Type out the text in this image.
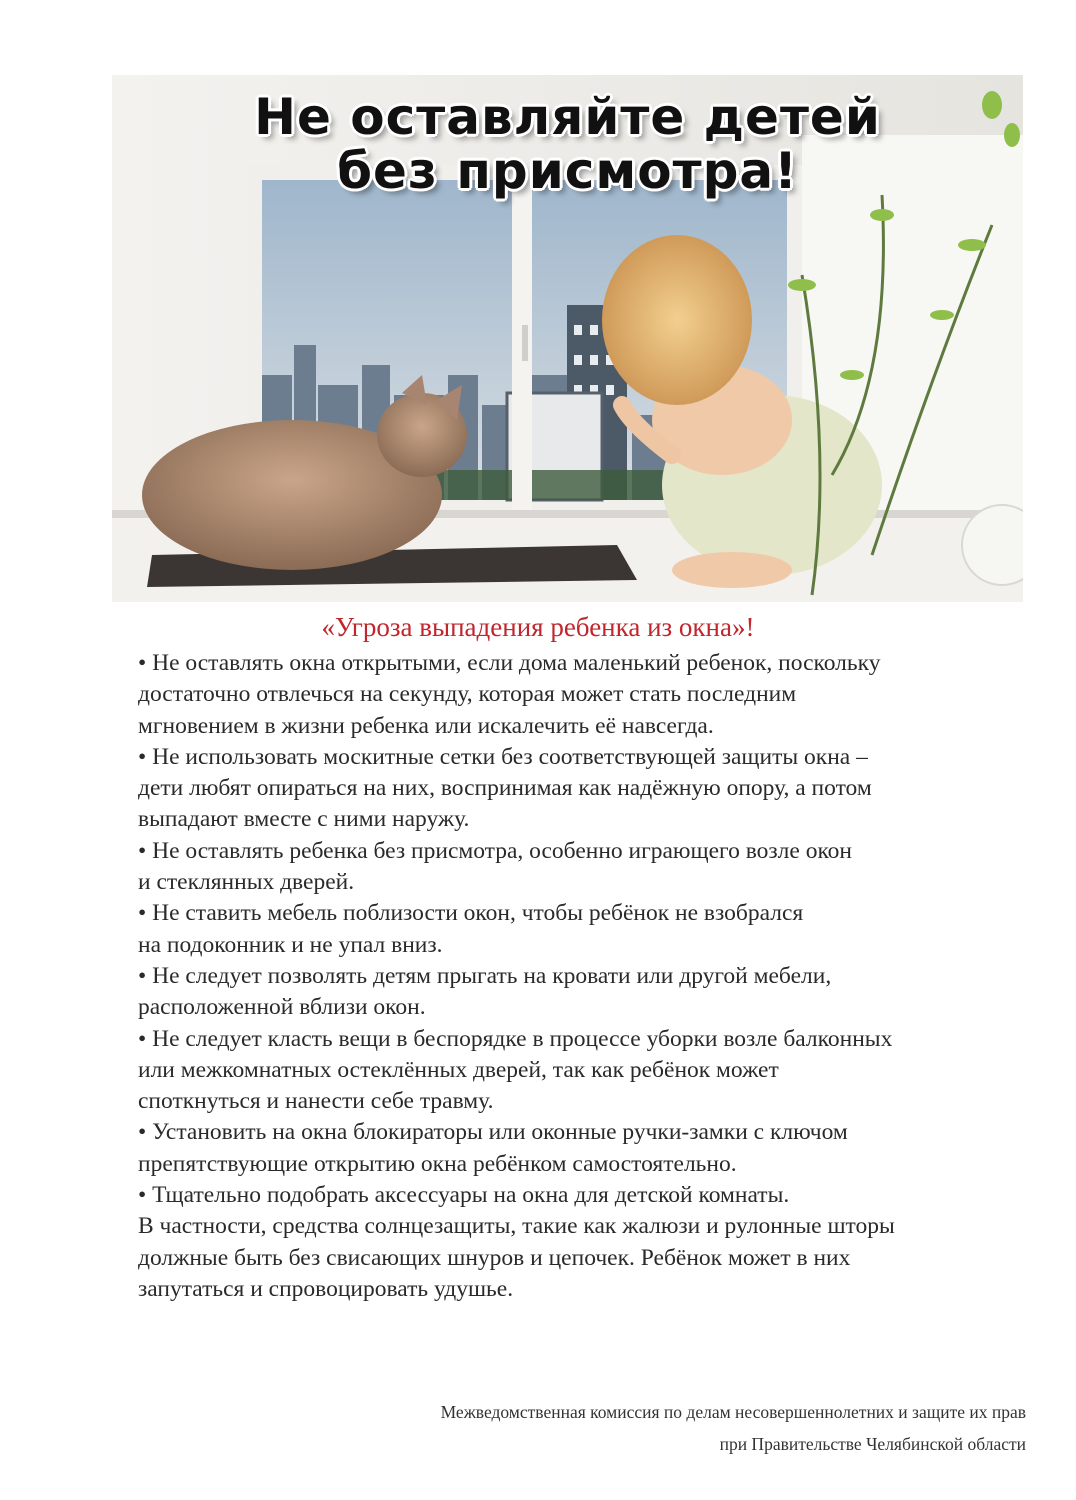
Не оставляйте детей
без присмотра!
«Угроза выпадения ребенка из окна»!

• Не оставлять окна открытыми, если дома маленький ребенок, поскольку

достаточно отвлечься на секунду, которая может стать последним

мгновением в жизни ребенка или искалечить её навсегда.

• Не использовать москитные сетки без соответствующей защиты окна –

дети любят опираться на них, воспринимая как надёжную опору, а потом

выпадают вместе с ними наружу.

• Не оставлять ребенка без присмотра, особенно играющего возле окон

и стеклянных дверей.

• Не ставить мебель поблизости окон, чтобы ребёнок не взобрался

на подоконник и не упал вниз.

• Не следует позволять детям прыгать на кровати или другой мебели,

расположенной вблизи окон.

• Не следует класть вещи в беспорядке в процессе уборки возле балконных

или межкомнатных остеклённых дверей, так как ребёнок может

споткнуться и нанести себе травму.

• Установить на окна блокираторы или оконные ручки-замки с ключом

препятствующие открытию окна ребёнком самостоятельно.

• Тщательно подобрать аксессуары на окна для детской комнаты.

В частности, средства солнцезащиты, такие как жалюзи и рулонные шторы

должные быть без свисающих шнуров и цепочек. Ребёнок может в них

запутаться и спровоцировать удушье.

Межведомственная комиссия по делам несовершеннолетних и защите их прав
при Правительстве Челябинской области
